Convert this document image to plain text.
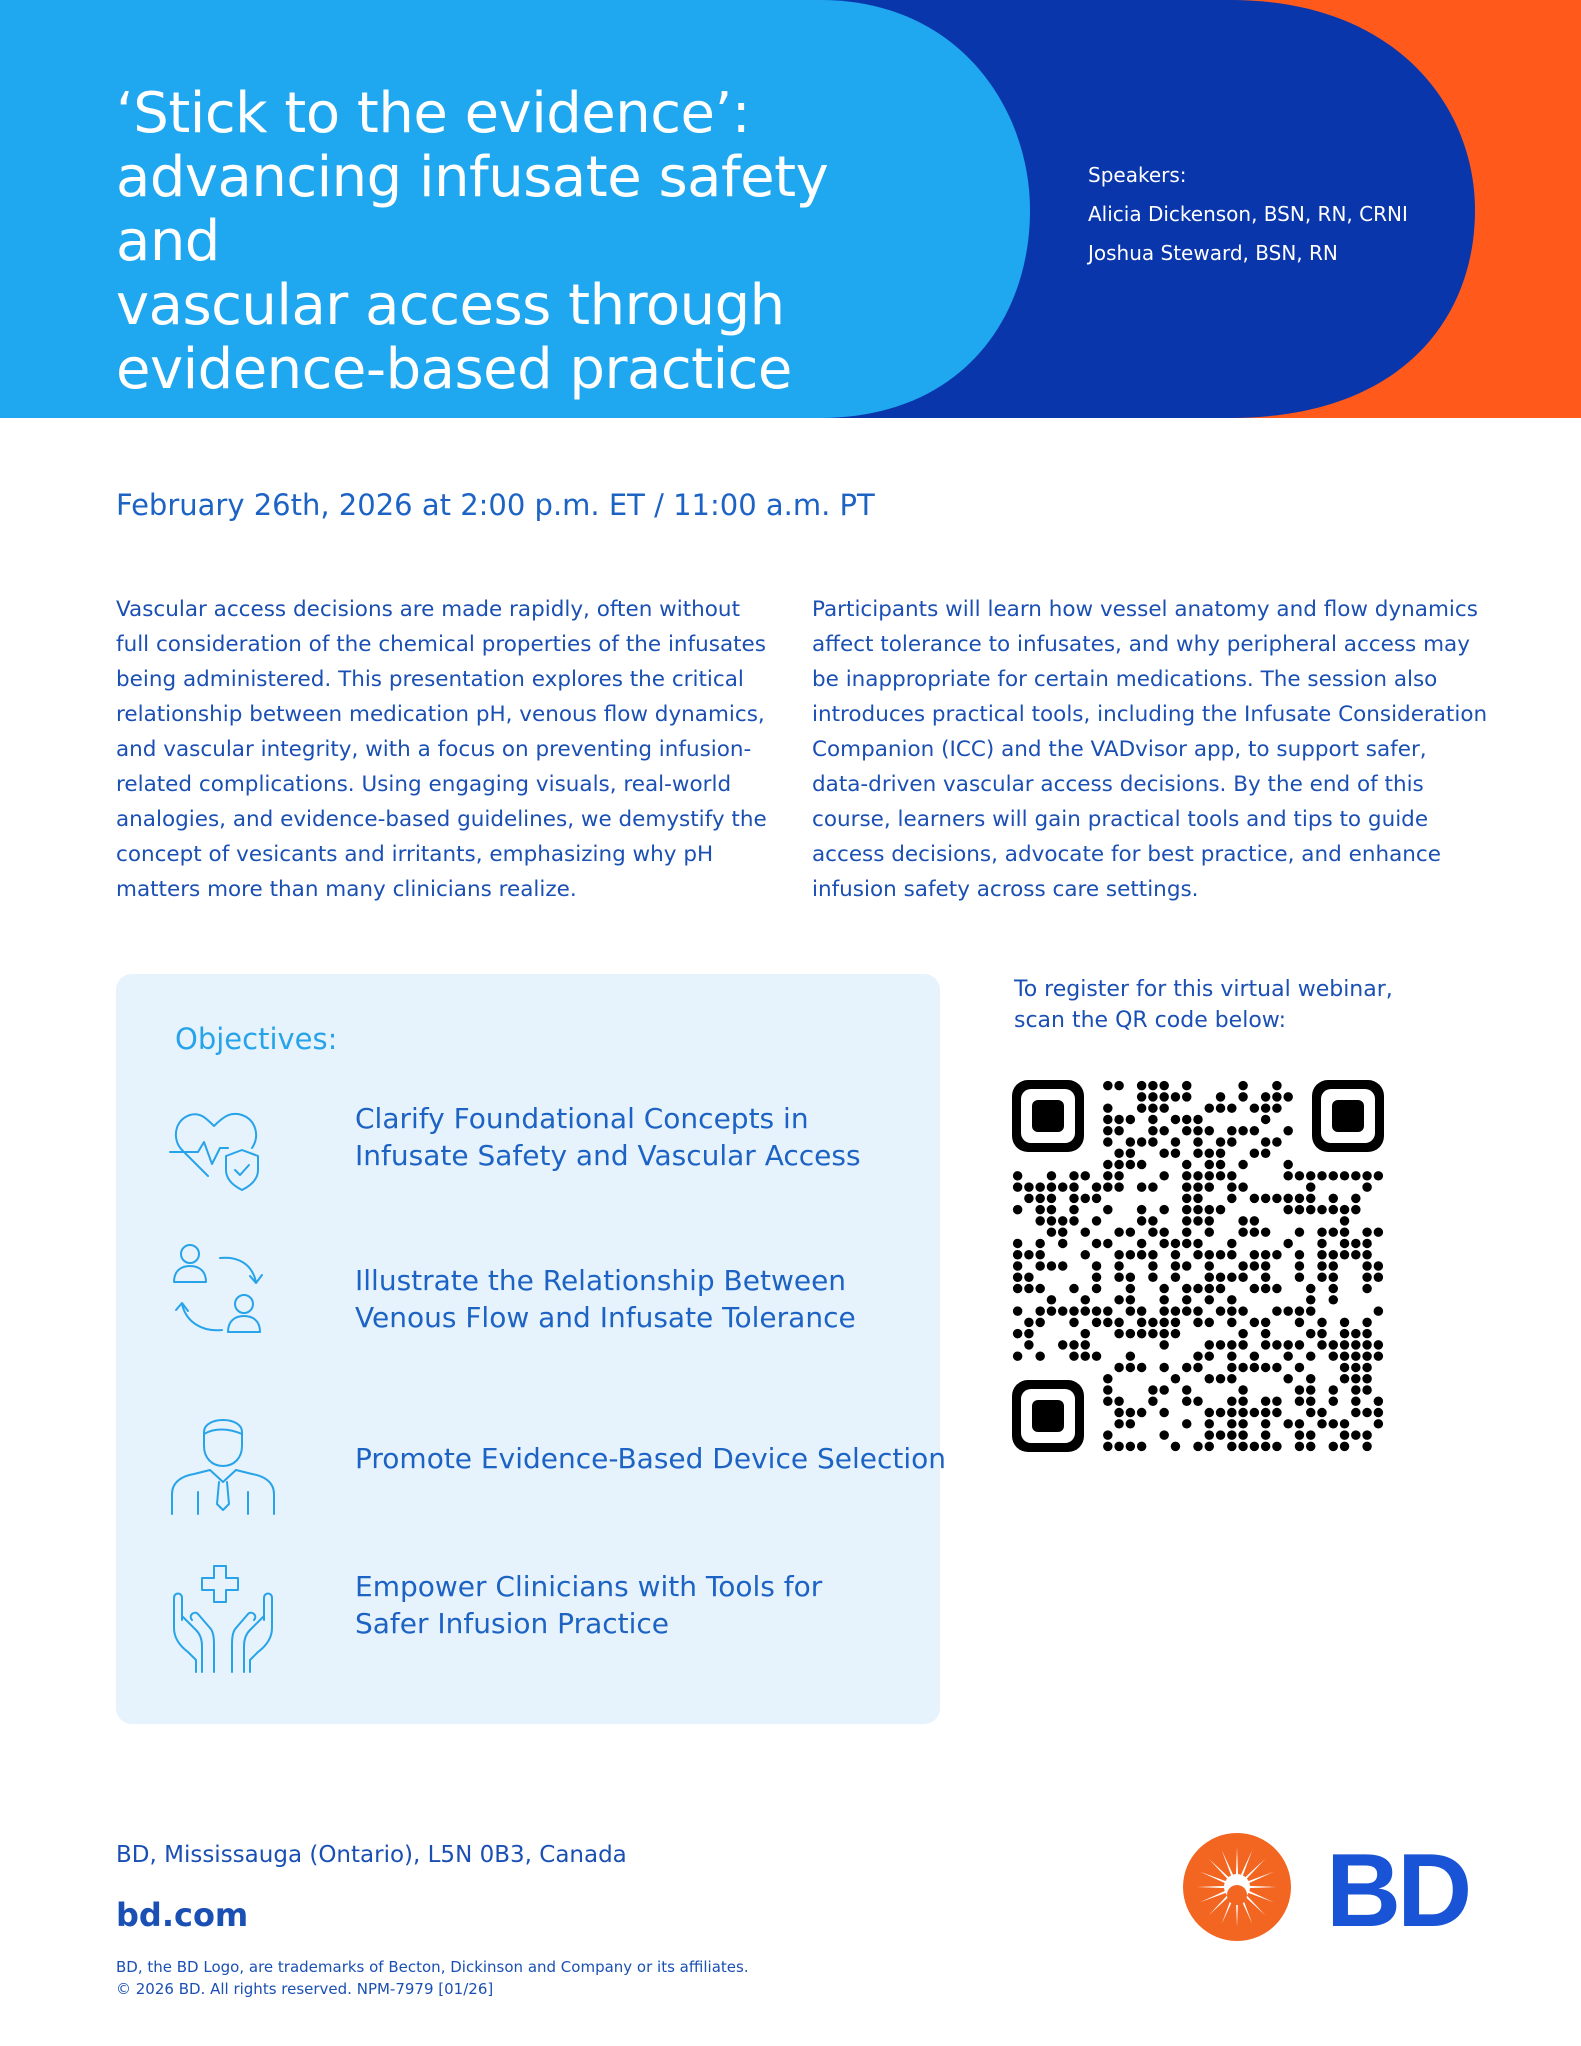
‘Stick to the evidence’:
advancing infusate safety and
vascular access through
evidence-based practice
Speakers:
Alicia Dickenson, BSN, RN, CRNI
Joshua Steward, BSN, RN
February 26th, 2026 at 2:00 p.m. ET / 11:00 a.m. PT

Vascular access decisions are made rapidly, often without full consideration of the chemical properties of the infusates being administered. This presentation explores the critical relationship between medication pH, venous flow dynamics, and vascular integrity, with a focus on preventing infusion-related complications. Using engaging visuals, real-world analogies, and evidence-based guidelines, we demystify the concept of vesicants and irritants, emphasizing why pH matters more than many clinicians realize.

Participants will learn how vessel anatomy and flow dynamics affect tolerance to infusates, and why peripheral access may be inappropriate for certain medications. The session also introduces practical tools, including the Infusate Consideration Companion (ICC) and the VADvisor app, to support safer, data-driven vascular access decisions. By the end of this course, learners will gain practical tools and tips to guide access decisions, advocate for best practice, and enhance infusion safety across care settings.

Objectives:
Clarify Foundational Concepts in
Infusate Safety and Vascular Access
Illustrate the Relationship Between
Venous Flow and Infusate Tolerance
Promote Evidence-Based Device Selection
Empower Clinicians with Tools for
Safer Infusion Practice
To register for this virtual webinar,
scan the QR code below:
BD, Mississauga (Ontario), L5N 0B3, Canada
bd.com
BD, the BD Logo, are trademarks of Becton, Dickinson and Company or its affiliates.
© 2026 BD. All rights reserved. NPM-7979 [01/26]
BD
